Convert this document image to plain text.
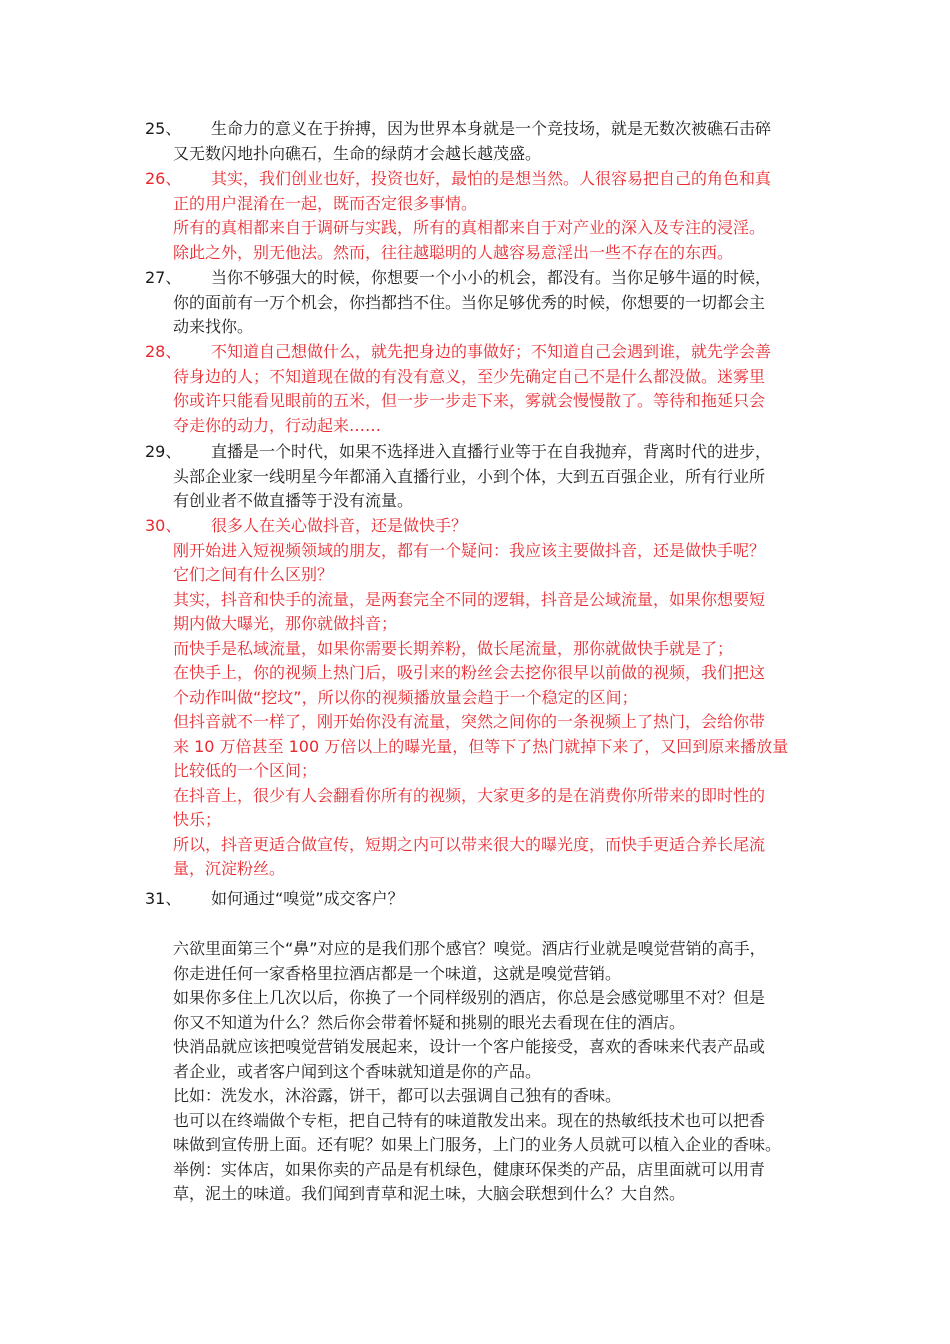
25、	生命力的意义在于拚搏，因为世界本身就是一个竞技场，就是无数次被礁石击碎
又无数闪地扑向礁石，生命的绿荫才会越长越茂盛。
26、	其实，我们创业也好，投资也好，最怕的是想当然。人很容易把自己的角色和真
正的用户混淆在一起，既而否定很多事情。
所有的真相都来自于调研与实践，所有的真相都来自于对产业的深入及专注的浸淫。
除此之外，别无他法。然而，往往越聪明的人越容易意淫出一些不存在的东西。
27、	当你不够强大的时候，你想要一个小小的机会，都没有。当你足够牛逼的时候，
你的面前有一万个机会，你挡都挡不住。当你足够优秀的时候，你想要的一切都会主
动来找你。
28、	不知道自己想做什么，就先把身边的事做好；不知道自己会遇到谁，就先学会善
待身边的人；不知道现在做的有没有意义，至少先确定自己不是什么都没做。迷雾里
你或许只能看见眼前的五米，但一步一步走下来，雾就会慢慢散了。等待和拖延只会
夺走你的动力，行动起来……
29、	直播是一个时代，如果不选择进入直播行业等于在自我抛弃，背离时代的进步，
头部企业家一线明星今年都涌入直播行业，小到个体，大到五百强企业，所有行业所
有创业者不做直播等于没有流量。
30、	很多人在关心做抖音，还是做快手？
刚开始进入短视频领域的朋友，都有一个疑问：我应该主要做抖音，还是做快手呢？
它们之间有什么区别？
其实，抖音和快手的流量，是两套完全不同的逻辑，抖音是公域流量，如果你想要短
期内做大曝光，那你就做抖音；
而快手是私域流量，如果你需要长期养粉，做长尾流量，那你就做快手就是了；
在快手上，你的视频上热门后，吸引来的粉丝会去挖你很早以前做的视频，我们把这
个动作叫做“挖坟”，所以你的视频播放量会趋于一个稳定的区间；
但抖音就不一样了，刚开始你没有流量，突然之间你的一条视频上了热门，会给你带
来 10 万倍甚至 100 万倍以上的曝光量，但等下了热门就掉下来了，又回到原来播放量
比较低的一个区间；
在抖音上，很少有人会翻看你所有的视频，大家更多的是在消费你所带来的即时性的
快乐；
所以，抖音更适合做宣传，短期之内可以带来很大的曝光度，而快手更适合养长尾流
量，沉淀粉丝。
31、	如何通过“嗅觉”成交客户？
六欲里面第三个“鼻”对应的是我们那个感官？嗅觉。酒店行业就是嗅觉营销的高手，
你走进任何一家香格里拉酒店都是一个味道，这就是嗅觉营销。
如果你多住上几次以后，你换了一个同样级别的酒店，你总是会感觉哪里不对？但是
你又不知道为什么？然后你会带着怀疑和挑剔的眼光去看现在住的酒店。
快消品就应该把嗅觉营销发展起来，设计一个客户能接受，喜欢的香味来代表产品或
者企业，或者客户闻到这个香味就知道是你的产品。
比如：洗发水，沐浴露，饼干，都可以去强调自己独有的香味。
也可以在终端做个专柜，把自己特有的味道散发出来。现在的热敏纸技术也可以把香
味做到宣传册上面。还有呢？如果上门服务，上门的业务人员就可以植入企业的香味。
举例：实体店，如果你卖的产品是有机绿色，健康环保类的产品，店里面就可以用青
草，泥土的味道。我们闻到青草和泥土味，大脑会联想到什么？大自然。
